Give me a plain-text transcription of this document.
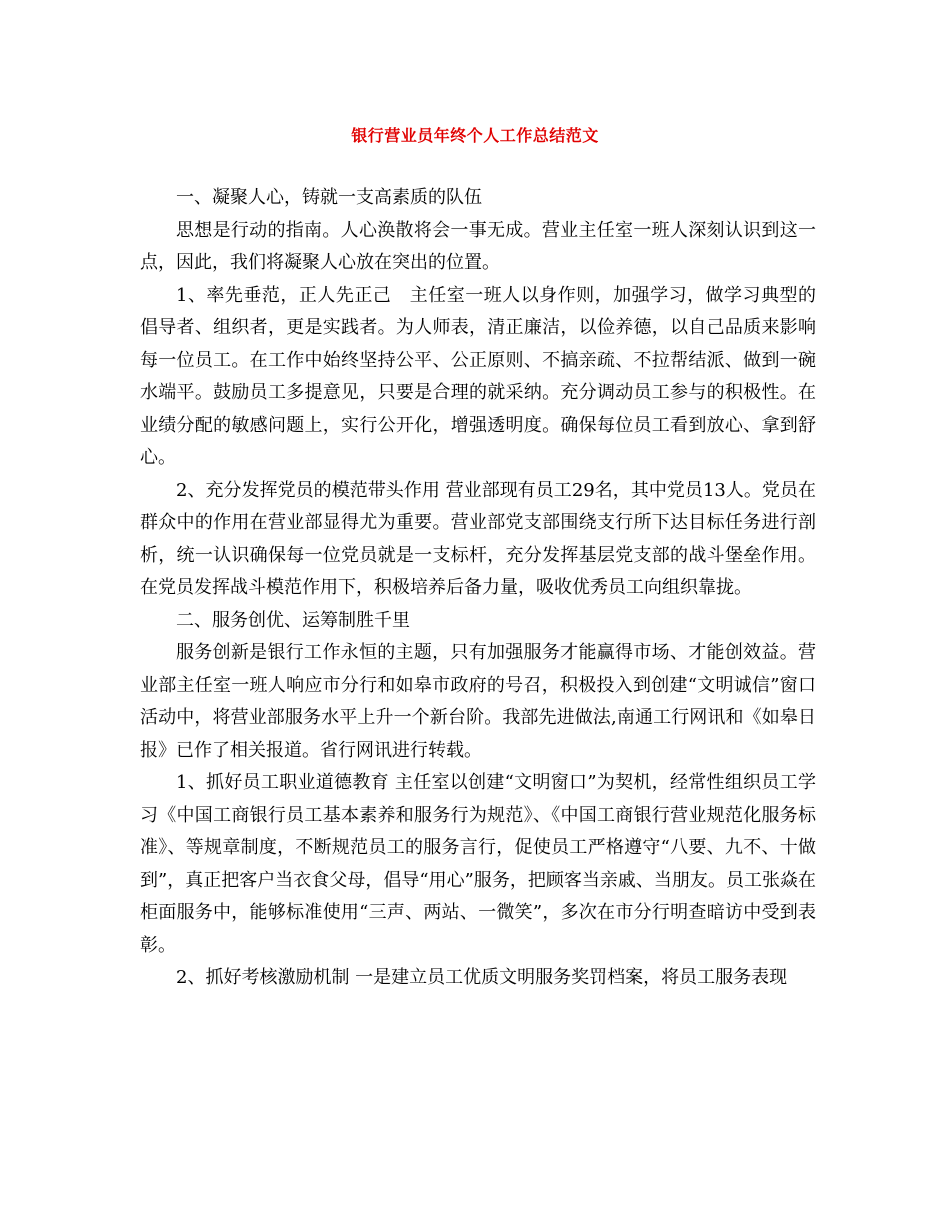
银行营业员年终个人工作总结范文

一、凝聚人心，铸就一支高素质的队伍

思想是行动的指南。人心涣散将会一事无成。营业主任室一班人深刻认识到这一点，因此，我们将凝聚人心放在突出的位置。

1、率先垂范，正人先正己　主任室一班人以身作则，加强学习，做学习典型的倡导者、组织者，更是实践者。为人师表，清正廉洁，以俭养德，以自己品质来影响每一位员工。在工作中始终坚持公平、公正原则、不搞亲疏、不拉帮结派、做到一碗水端平。鼓励员工多提意见，只要是合理的就采纳。充分调动员工参与的积极性。在业绩分配的敏感问题上，实行公开化，增强透明度。确保每位员工看到放心、拿到舒心。

2、充分发挥党员的模范带头作用 营业部现有员工29名，其中党员13人。党员在群众中的作用在营业部显得尤为重要。营业部党支部围绕支行所下达目标任务进行剖析，统一认识确保每一位党员就是一支标杆，充分发挥基层党支部的战斗堡垒作用。在党员发挥战斗模范作用下，积极培养后备力量，吸收优秀员工向组织靠拢。

二、服务创优、运筹制胜千里

服务创新是银行工作永恒的主题，只有加强服务才能赢得市场、才能创效益。营业部主任室一班人响应市分行和如皋市政府的号召，积极投入到创建“文明诚信”窗口活动中，将营业部服务水平上升一个新台阶。我部先进做法,南通工行网讯和《如皋日报》已作了相关报道。省行网讯进行转载。

1、抓好员工职业道德教育 主任室以创建“文明窗口”为契机，经常性组织员工学习《中国工商银行员工基本素养和服务行为规范》、《中国工商银行营业规范化服务标准》、等规章制度，不断规范员工的服务言行，促使员工严格遵守“八要、九不、十做到”，真正把客户当衣食父母，倡导“用心”服务，把顾客当亲戚、当朋友。员工张焱在柜面服务中，能够标准使用“三声、两站、一微笑”，多次在市分行明查暗访中受到表彰。

2、抓好考核激励机制 一是建立员工优质文明服务奖罚档案，将员工服务表现
